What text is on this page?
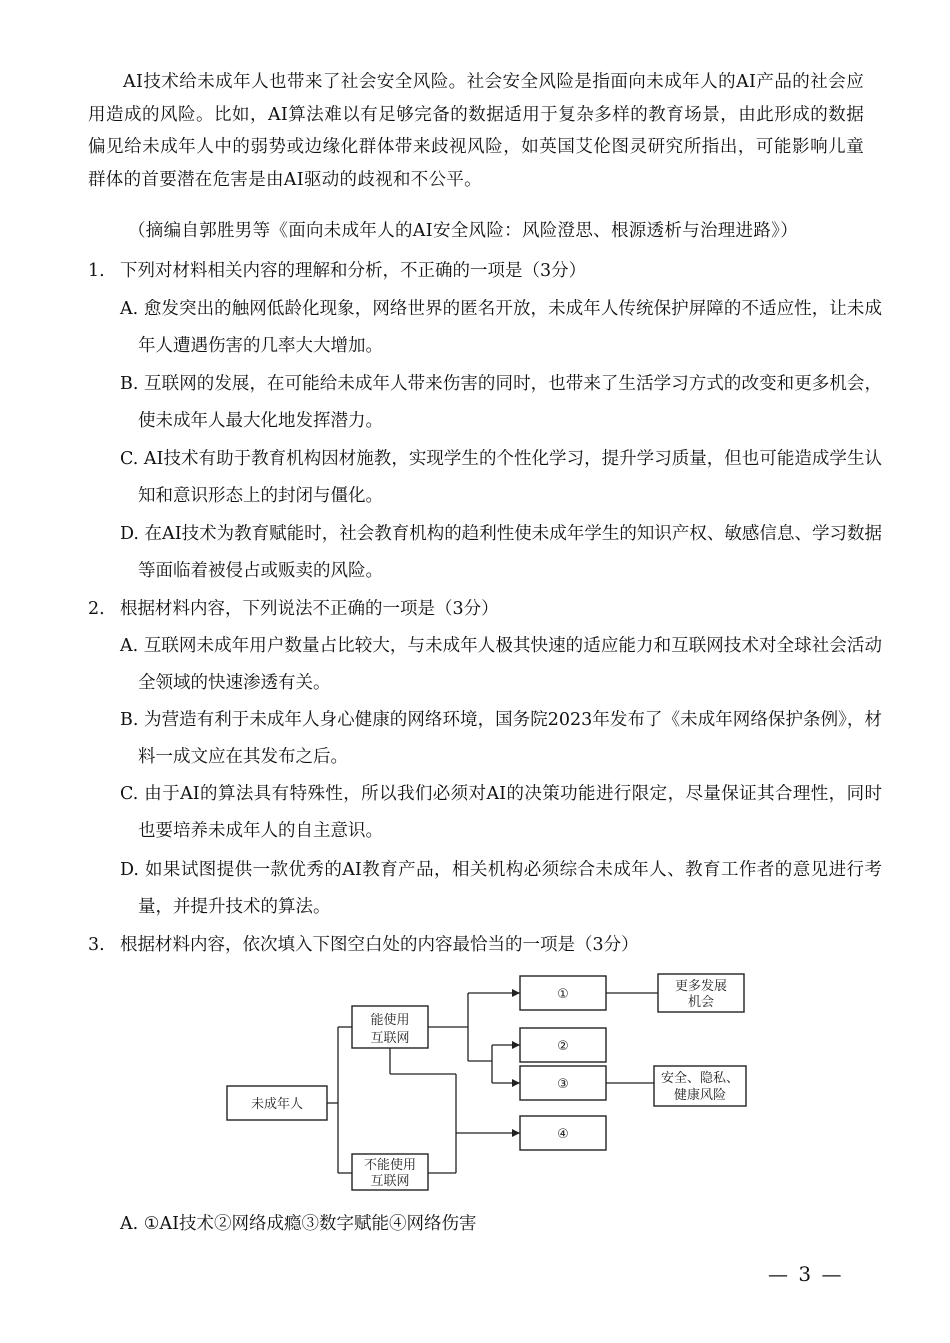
AI技术给未成年人也带来了社会安全风险。社会安全风险是指面向未成年人的AI产品的社会应用造成的风险。比如，AI算法难以有足够完备的数据适用于复杂多样的教育场景，由此形成的数据偏见给未成年人中的弱势或边缘化群体带来歧视风险，如英国艾伦图灵研究所指出，可能影响儿童群体的首要潜在危害是由AI驱动的歧视和不公平。

（摘编自郭胜男等《面向未成年人的AI安全风险：风险澄思、根源透析与治理进路》）

1. 下列对材料相关内容的理解和分析，不正确的一项是（3分）

A. 愈发突出的触网低龄化现象，网络世界的匿名开放，未成年人传统保护屏障的不适应性，让未成年人遭遇伤害的几率大大增加。

B. 互联网的发展，在可能给未成年人带来伤害的同时，也带来了生活学习方式的改变和更多机会，使未成年人最大化地发挥潜力。

C. AI技术有助于教育机构因材施教，实现学生的个性化学习，提升学习质量，但也可能造成学生认知和意识形态上的封闭与僵化。

D. 在AI技术为教育赋能时，社会教育机构的趋利性使未成年学生的知识产权、敏感信息、学习数据等面临着被侵占或贩卖的风险。

2. 根据材料内容，下列说法不正确的一项是（3分）

A. 互联网未成年用户数量占比较大，与未成年人极其快速的适应能力和互联网技术对全球社会活动全领域的快速渗透有关。

B. 为营造有利于未成年人身心健康的网络环境，国务院2023年发布了《未成年网络保护条例》，材料一成文应在其发布之后。

C. 由于AI的算法具有特殊性，所以我们必须对AI的决策功能进行限定，尽量保证其合理性，同时也要培养未成年人的自主意识。

D. 如果试图提供一款优秀的AI教育产品，相关机构必须综合未成年人、教育工作者的意见进行考量，并提升技术的算法。

3. 根据材料内容，依次填入下图空白处的内容最恰当的一项是（3分）

未成年人
能使用
互联网
不能使用
互联网
①
②
③
④
更多发展
机会
安全、隐私、
健康风险

A. ①AI技术②网络成瘾③数字赋能④网络伤害

— 3 —
